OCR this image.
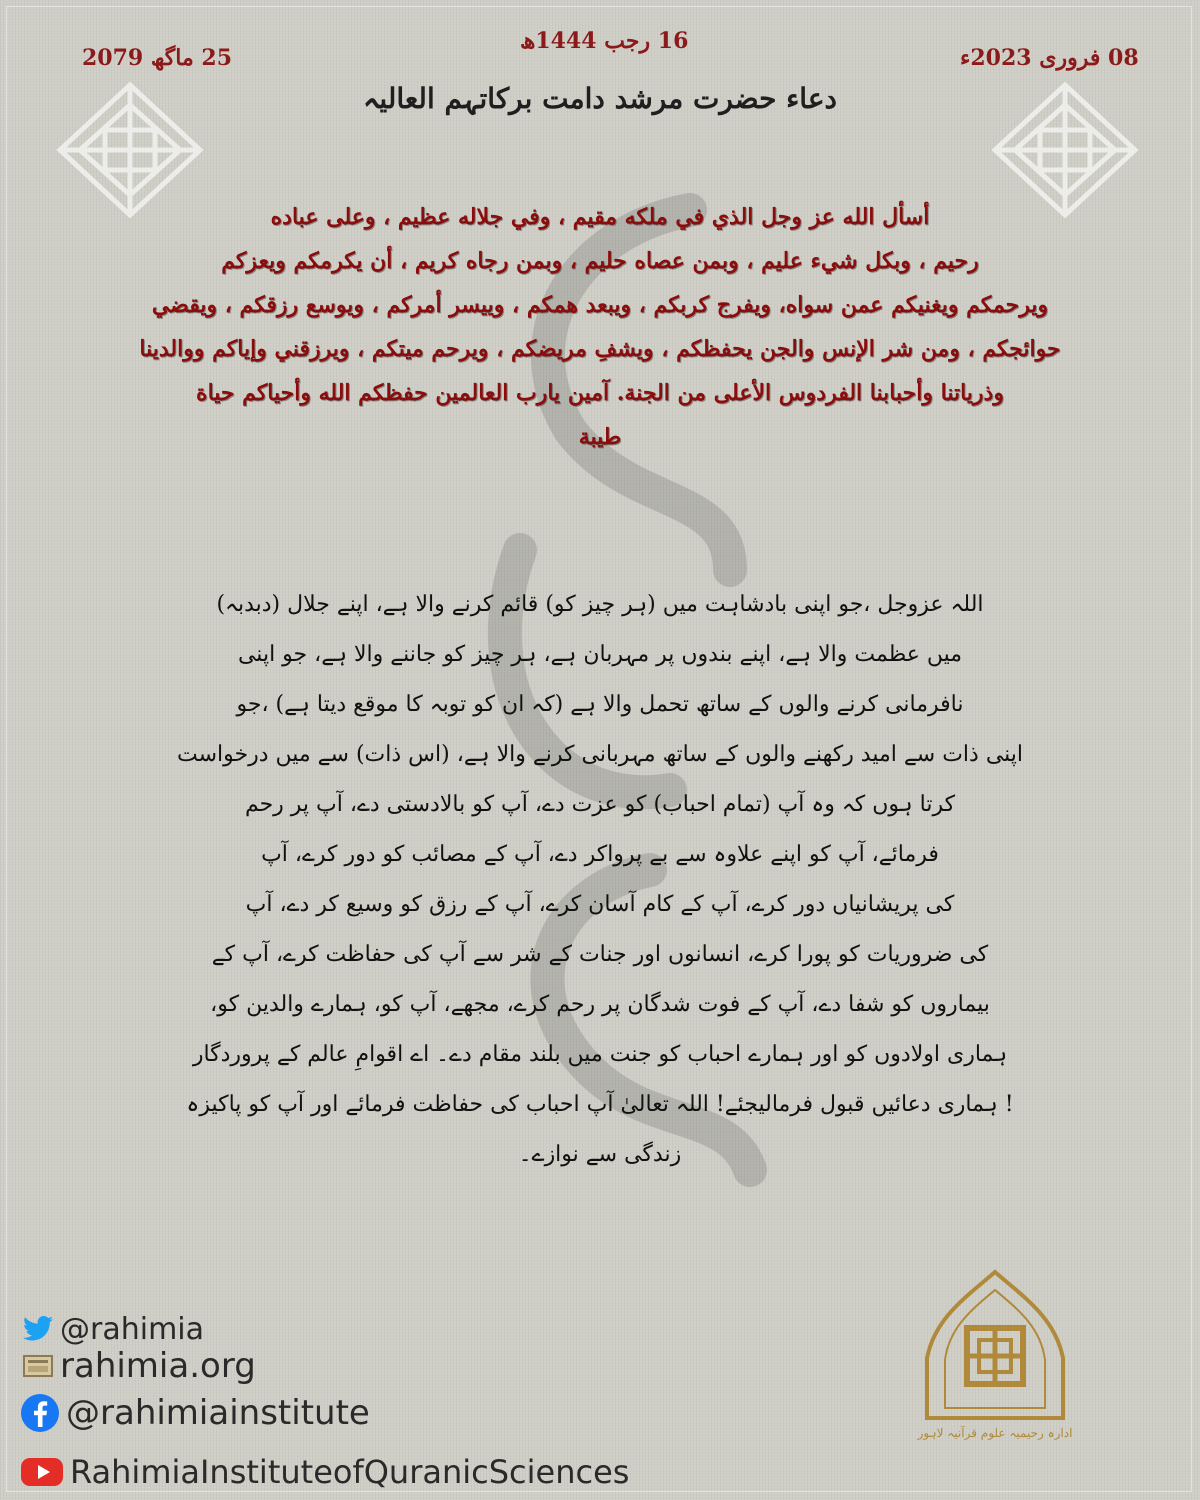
16 رجب 1444ھ
08 فروری 2023ء
25 ماگھ 2079
دعاء حضرت مرشد دامت برکاتہم العالیہ
أسأل الله عز وجل الذي في ملكه مقيم ، وفي جلاله عظيم ، وعلى عباده
رحيم ، وبكل شيء عليم ، وبمن عصاه حليم ، وبمن رجاه كريم ، أن يكرمكم ويعزكم
ويرحمكم ويغنيكم عمن سواه، ويفرج كربكم ، ويبعد همكم ، وييسر أمركم ، ويوسع رزقكم ، ويقضي
حوائجكم ، ومن شر الإنس والجن يحفظكم ، ويشفِ مريضكم ، ويرحم ميتكم ، ويرزقني وإياكم ووالدينا
وذرياتنا وأحبابنا الفردوس الأعلى من الجنة. آمين يارب العالمين حفظكم الله وأحياكم حياة
طيبة
اللہ عزوجل ،جو اپنی بادشاہت میں (ہر چیز کو) قائم کرنے والا ہے، اپنے جلال (دبدبہ)
میں عظمت والا ہے، اپنے بندوں پر مہربان ہے، ہر چیز کو جاننے والا ہے، جو اپنی
نافرمانی کرنے والوں کے ساتھ تحمل والا ہے (کہ ان کو توبہ کا موقع دیتا ہے) ،جو
اپنی ذات سے امید رکھنے والوں کے ساتھ مہربانی کرنے والا ہے، (اس ذات) سے میں درخواست
کرتا ہوں کہ وہ آپ (تمام احباب) کو عزت دے، آپ کو بالادستی دے، آپ پر رحم
فرمائے، آپ کو اپنے علاوہ سے بے پرواکر دے، آپ کے مصائب کو دور کرے، آپ
کی پریشانیاں دور کرے، آپ کے کام آسان کرے، آپ کے رزق کو وسیع کر دے، آپ
کی ضروریات کو پورا کرے، انسانوں اور جنات کے شر سے آپ کی حفاظت کرے، آپ کے
بیماروں کو شفا دے، آپ کے فوت شدگان پر رحم کرے، مجھے، آپ کو، ہمارے والدین کو،
ہماری اولادوں کو اور ہمارے احباب کو جنت میں بلند مقام دے۔ اے اقوامِ عالم کے پروردگار
! ہماری دعائیں قبول فرمالیجئے! اللہ تعالیٰ آپ احباب کی حفاظت فرمائے اور آپ کو پاکیزہ
زندگی سے نوازے۔
@rahimia
rahimia.org
@rahimiainstitute
RahimiaInstituteofQuranicSciences
ادارہ رحیمیہ علوم قرآنیہ لاہور
